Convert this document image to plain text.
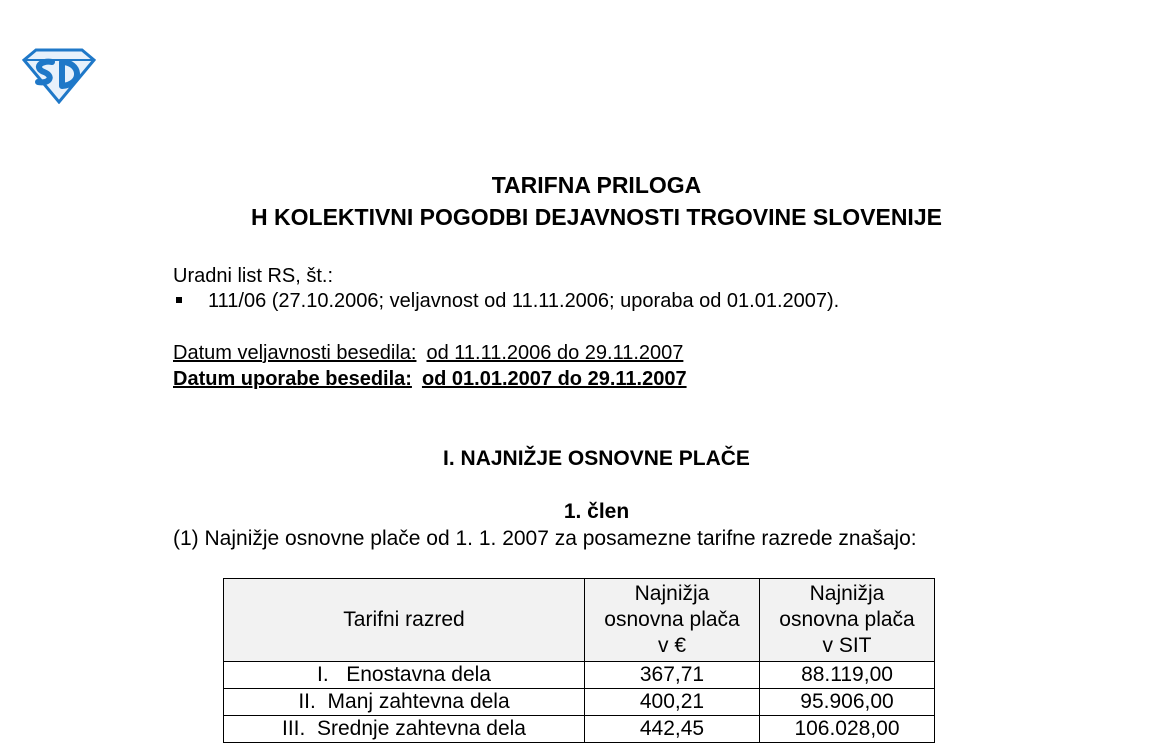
TARIFNA PRILOGA
H KOLEKTIVNI POGODBI DEJAVNOSTI TRGOVINE SLOVENIJE
Uradni list RS, št.:
111/06 (27.10.2006; veljavnost od 11.11.2006; uporaba od 01.01.2007).
Datum veljavnosti besedila: od 11.11.2006 do 29.11.2007
Datum uporabe besedila: od 01.01.2007 do 29.11.2007
I. NAJNIŽJE OSNOVNE PLAČE
1. člen
(1) Najnižje osnovne plače od 1. 1. 2007 za posamezne tarifne razrede znašajo:
Tarifni razred	Najnižja
osnovna plača
v €	Najnižja
osnovna plača
v SIT
I. Enostavna dela	367,71	88.119,00
II. Manj zahtevna dela	400,21	95.906,00
III. Srednje zahtevna dela	442,45	106.028,00
